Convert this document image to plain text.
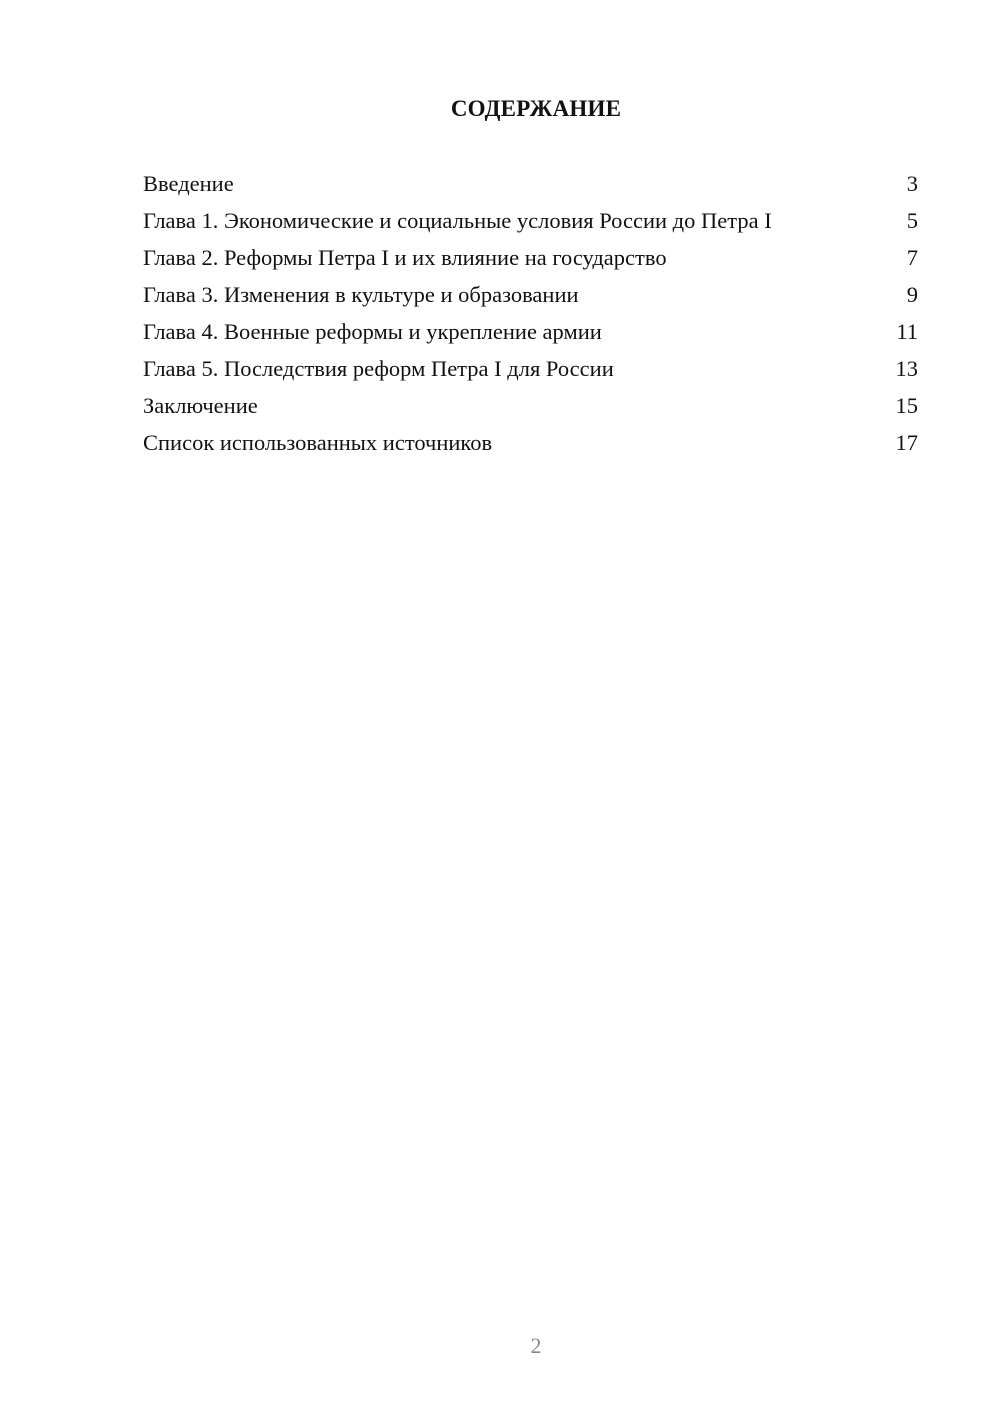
СОДЕРЖАНИЕ
Введение	3
Глава 1. Экономические и социальные условия России до Петра I	5
Глава 2. Реформы Петра I и их влияние на государство	7
Глава 3. Изменения в культуре и образовании	9
Глава 4. Военные реформы и укрепление армии	11
Глава 5. Последствия реформ Петра I для России	13
Заключение	15
Список использованных источников	17
2
